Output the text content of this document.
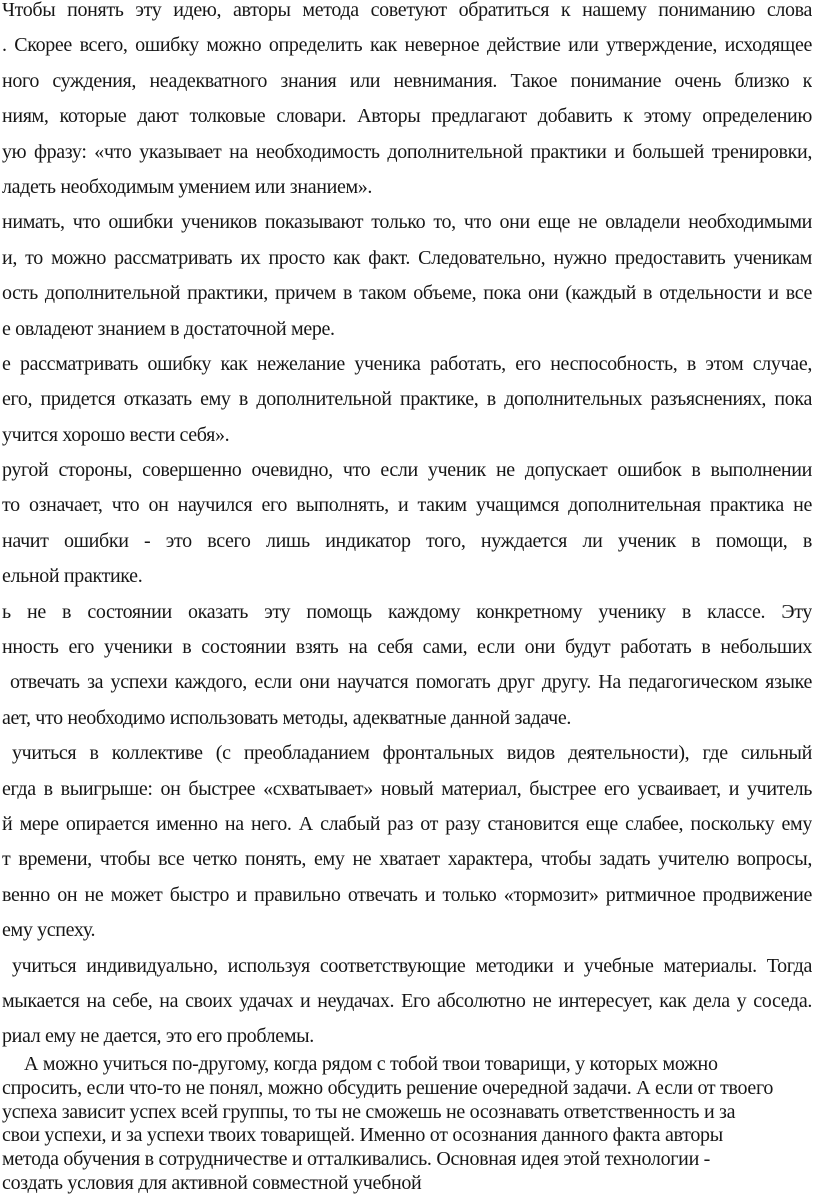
Чтобы понять эту идею, авторы метода советуют обратиться к нашему пониманию слова
. Скорее всего, ошибку можно определить как неверное действие или утверждение, исходящее
ного суждения, неадекватного знания или невнимания. Такое понимание очень близко к
ниям, которые дают толковые словари. Авторы предлагают добавить к этому определению
ую фразу: «что указывает на необходимость дополнительной практики и большей тренировки,
ладеть необходимым умением или знанием».
нимать, что ошибки учеников показывают только то, что они еще не овладели необходимыми
и, то можно рассматривать их просто как факт. Следовательно, нужно предоставить ученикам
ость дополнительной практики, причем в таком объеме, пока они (каждый в отдельности и все
е овладеют знанием в достаточной мере.
е рассматривать ошибку как нежелание ученика работать, его неспособность, в этом случае,
его, придется отказать ему в дополнительной практике, в дополнительных разъяснениях, пока
учится хорошо вести себя».
ругой стороны, совершенно очевидно, что если ученик не допускает ошибок в выполнении
то означает, что он научился его выполнять, и таким учащимся дополнительная практика не
начит ошибки - это всего лишь индикатор того, нуждается ли ученик в помощи, в
ельной практике.
ь не в состоянии оказать эту помощь каждому конкретному ученику в классе. Эту
нность его ученики в состоянии взять на себя сами, если они будут работать в небольших
отвечать за успехи каждого, если они научатся помогать друг другу. На педагогическом языке
ает, что необходимо использовать методы, адекватные данной задаче.
учиться в коллективе (с преобладанием фронтальных видов деятельности), где сильный
егда в выигрыше: он быстрее «схватывает» новый материал, быстрее его усваивает, и учитель
й мере опирается именно на него. А слабый раз от разу становится еще слабее, поскольку ему
т времени, чтобы все четко понять, ему не хватает характера, чтобы задать учителю вопросы,
венно он не может быстро и правильно отвечать и только «тормозит» ритмичное продвижение
ему успеху.
учиться индивидуально, используя соответствующие методики и учебные материалы. Тогда
мыкается на себе, на своих удачах и неудачах. Его абсолютно не интересует, как дела у соседа.
риал ему не дается, это его проблемы.
А можно учиться по-другому, когда рядом с тобой твои товарищи, у которых можно
спросить, если что-то не понял, можно обсудить решение очередной задачи. А если от твоего
успеха зависит успех всей группы, то ты не сможешь не осознавать ответственность и за
свои успехи, и за успехи твоих товарищей. Именно от осознания данного факта авторы
метода обучения в сотрудничестве и отталкивались. Основная идея этой технологии -
создать условия для активной совместной учебной
